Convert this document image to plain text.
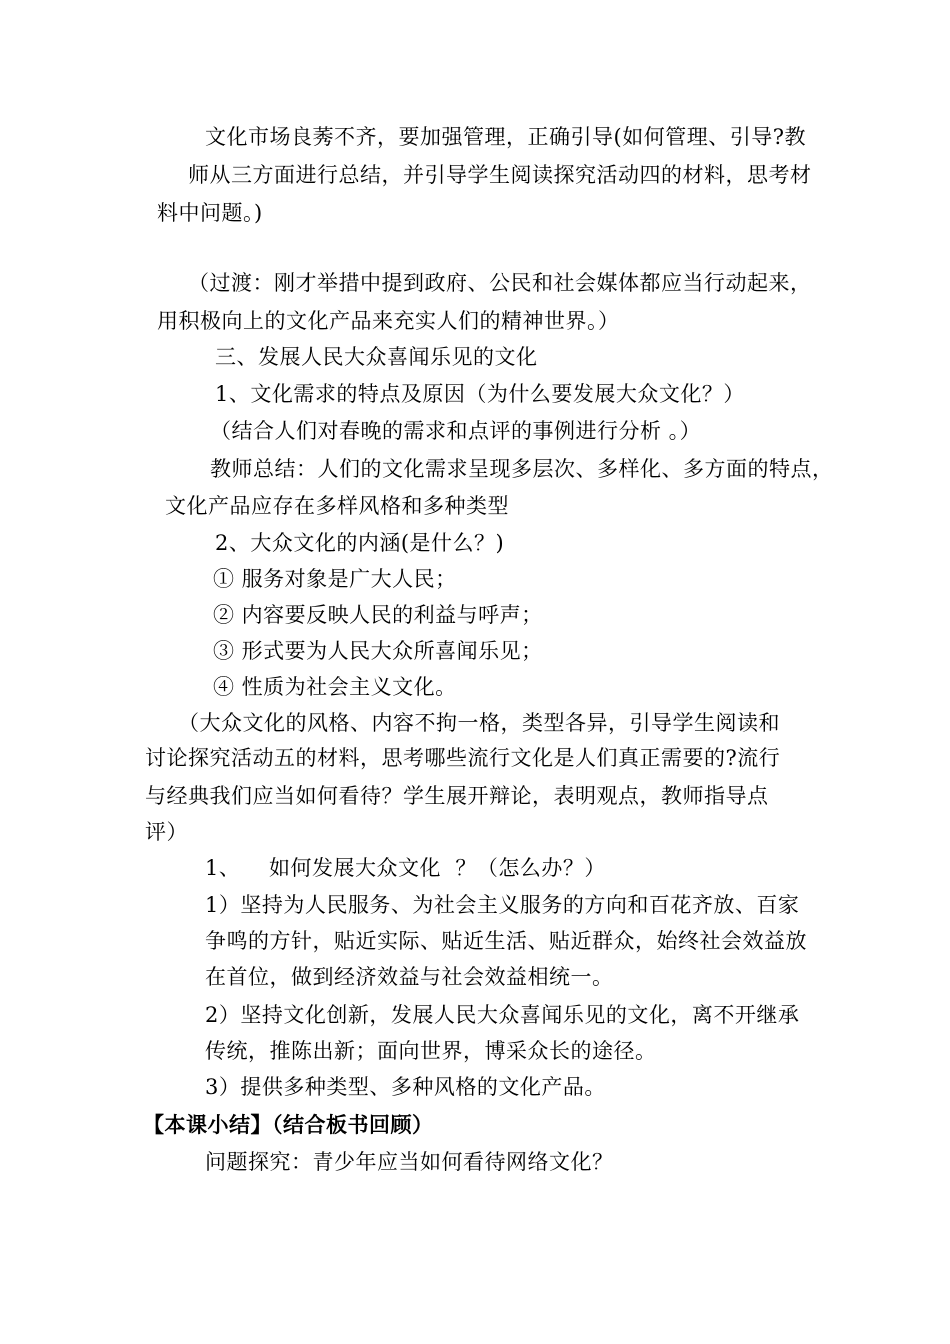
文化市场良莠不齐，要加强管理，正确引导(如何管理、引导?教
师从三方面进行总结，并引导学生阅读探究活动四的材料，思考材
料中问题。)
（过渡：刚才举措中提到政府、公民和社会媒体都应当行动起来，
用积极向上的文化产品来充实人们的精神世界。）
三、发展人民大众喜闻乐见的文化
1、文化需求的特点及原因（为什么要发展大众文化？）
（结合人们对春晚的需求和点评的事例进行分析 。）
教师总结：人们的文化需求呈现多层次、多样化、多方面的特点，
文化产品应存在多样风格和多种类型
2、大众文化的内涵(是什么？)
① 服务对象是广大人民；
② 内容要反映人民的利益与呼声；
③ 形式要为人民大众所喜闻乐见；
④ 性质为社会主义文化。
（大众文化的风格、内容不拘一格，类型各异，引导学生阅读和
讨论探究活动五的材料，思考哪些流行文化是人们真正需要的?流行
与经典我们应当如何看待？学生展开辩论，表明观点，教师指导点
评）
1、    如何发展大众文化  ？（怎么办？）
1）坚持为人民服务、为社会主义服务的方向和百花齐放、百家
争鸣的方针，贴近实际、贴近生活、贴近群众，始终社会效益放
在首位，做到经济效益与社会效益相统一。
2）坚持文化创新，发展人民大众喜闻乐见的文化，离不开继承
传统，推陈出新；面向世界，博采众长的途径。
3）提供多种类型、多种风格的文化产品。
【本课小结】（结合板书回顾）
问题探究：青少年应当如何看待网络文化？
